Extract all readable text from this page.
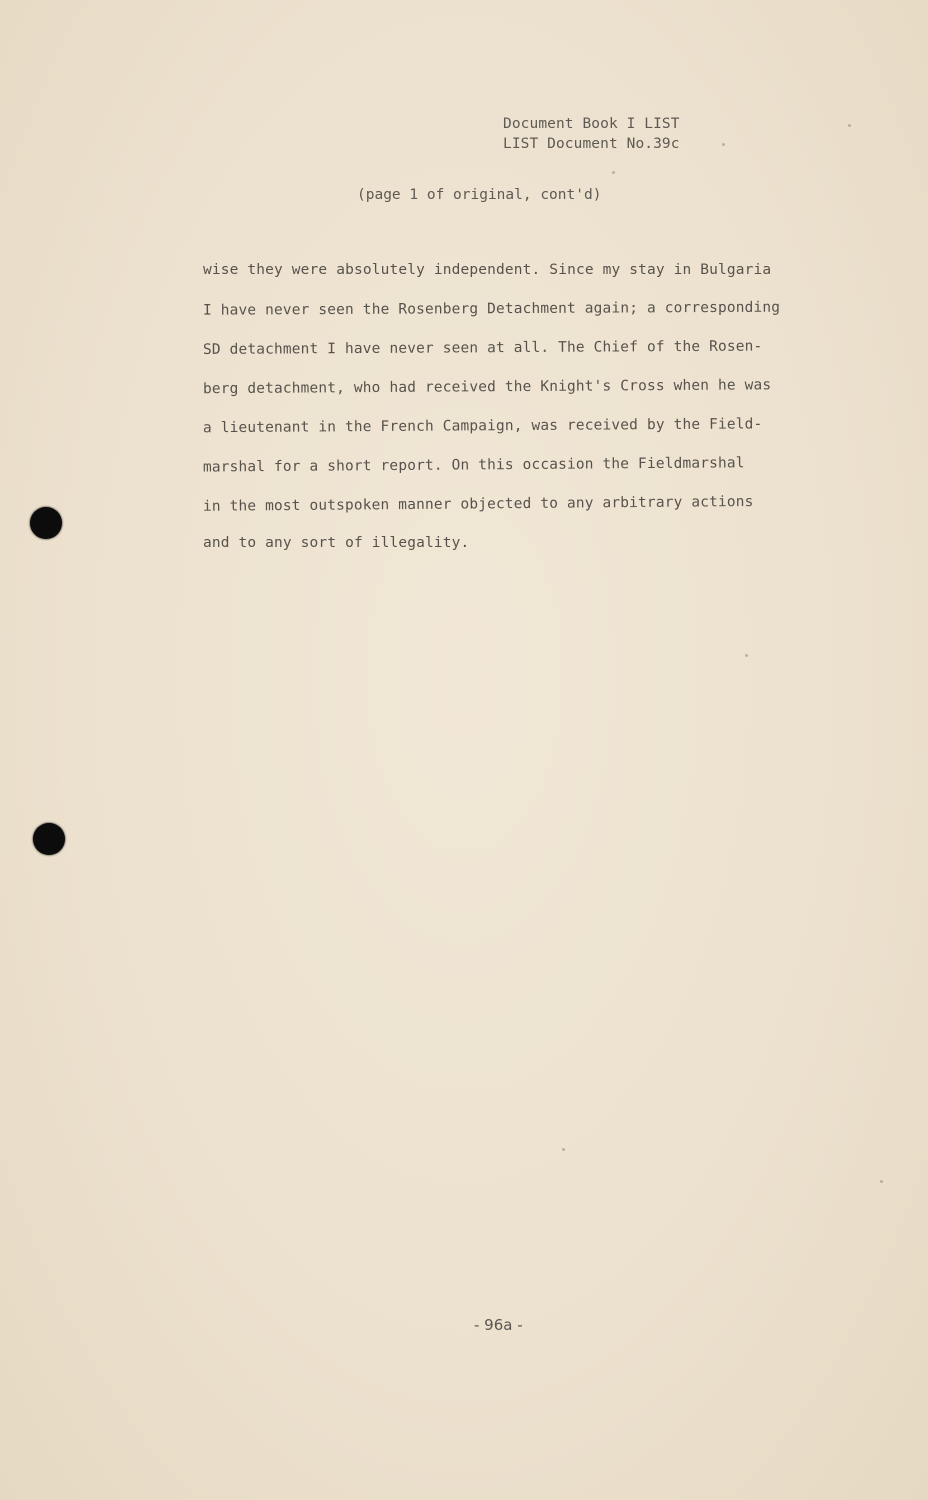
Document Book I LIST
LIST Document No.39c
(page 1 of original, cont'd)
wise they were absolutely independent. Since my stay in Bulgaria
I have never seen the Rosenberg Detachment again; a corresponding
SD detachment I have never seen at all. The Chief of the Rosen-
berg detachment, who had received the Knight's Cross when he was
a lieutenant in the French Campaign, was received by the Field-
marshal for a short report. On this occasion the Fieldmarshal
in the most outspoken manner objected to any arbitrary actions
and to any sort of illegality.
- 96a -
